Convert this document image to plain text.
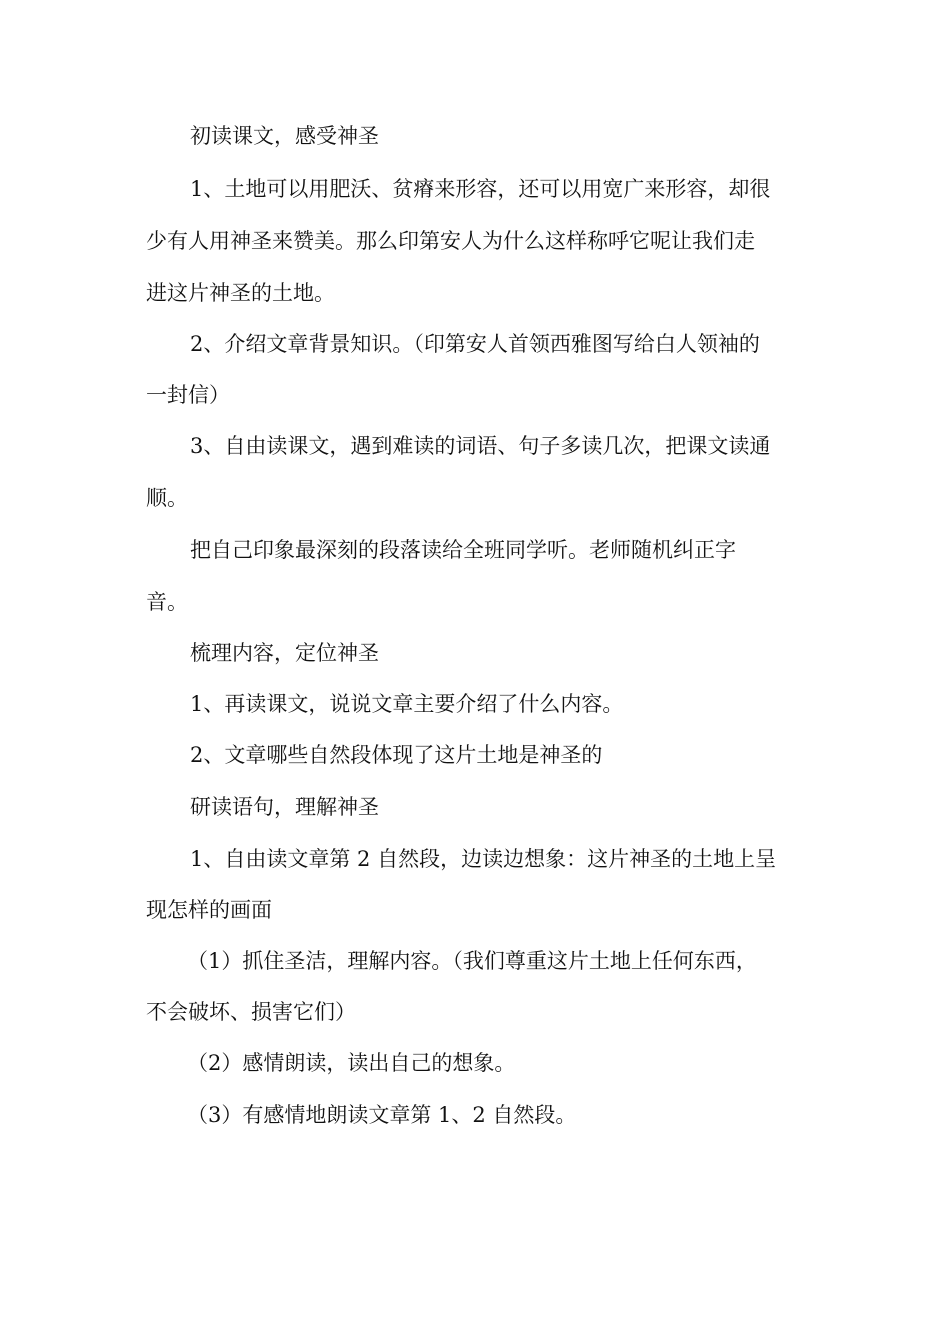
初读课文，感受神圣
1、土地可以用肥沃、贫瘠来形容，还可以用宽广来形容，却很
少有人用神圣来赞美。那么印第安人为什么这样称呼它呢让我们走
进这片神圣的土地。
2、介绍文章背景知识。（印第安人首领西雅图写给白人领袖的
一封信）
3、自由读课文，遇到难读的词语、句子多读几次，把课文读通
顺。
把自己印象最深刻的段落读给全班同学听。老师随机纠正字
音。
梳理内容，定位神圣
1、再读课文，说说文章主要介绍了什么内容。
2、文章哪些自然段体现了这片土地是神圣的
研读语句，理解神圣
1、自由读文章第 2 自然段，边读边想象：这片神圣的土地上呈
现怎样的画面
（1）抓住圣洁，理解内容。（我们尊重这片土地上任何东西，
不会破坏、损害它们）
（2）感情朗读，读出自己的想象。
（3）有感情地朗读文章第 1、2 自然段。
